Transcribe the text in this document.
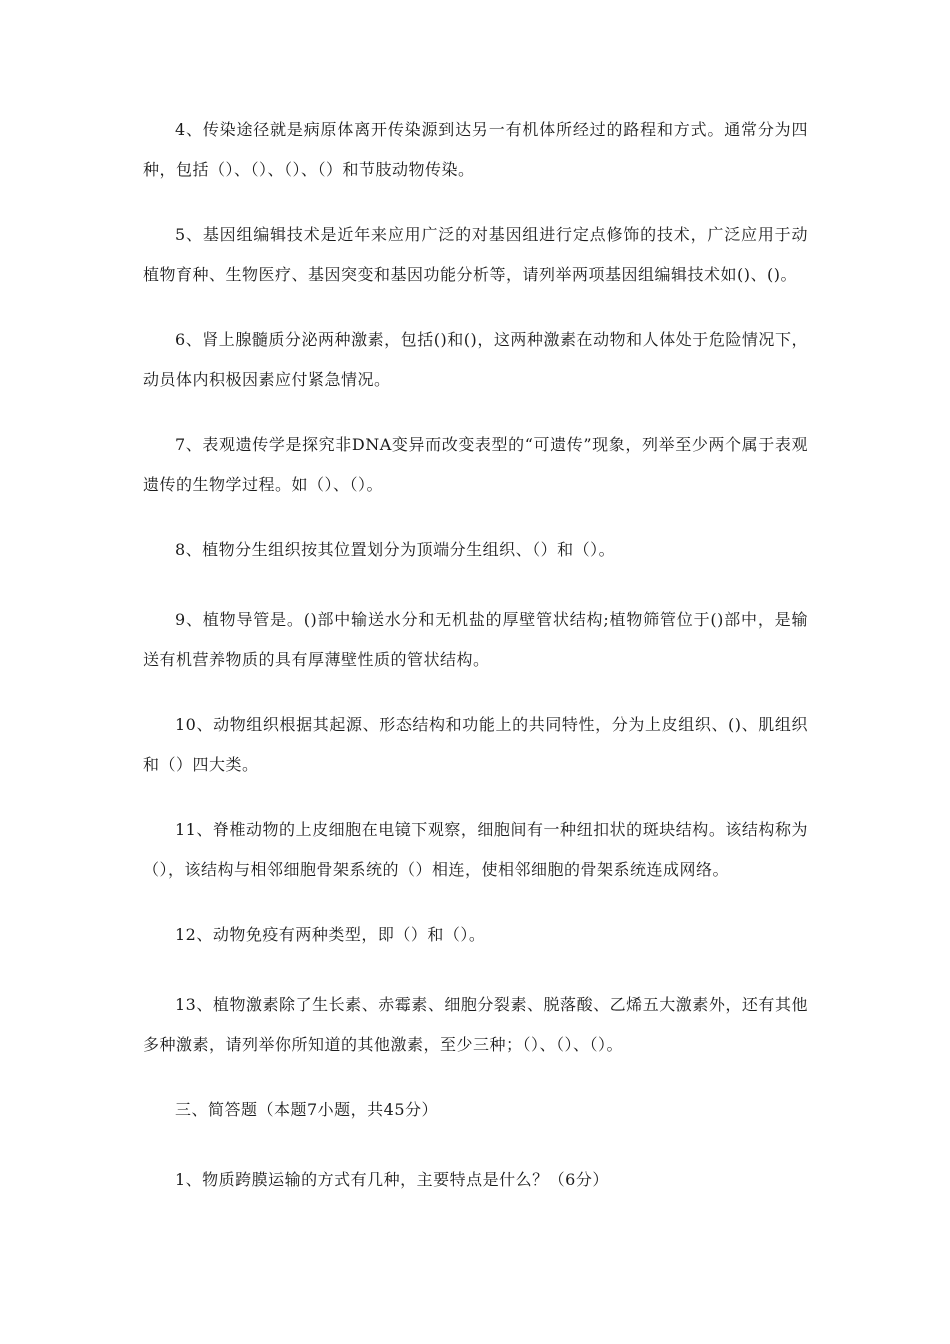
4、传染途径就是病原体离开传染源到达另一有机体所经过的路程和方式。通常分为四种，包括（）、（）、（）、（）和节肢动物传染。

5、基因组编辑技术是近年来应用广泛的对基因组进行定点修饰的技术，广泛应用于动植物育种、生物医疗、基因突变和基因功能分析等，请列举两项基因组编辑技术如()、()。

6、肾上腺髓质分泌两种激素，包括()和()，这两种激素在动物和人体处于危险情况下，动员体内积极因素应付紧急情况。

7、表观遗传学是探究非DNA变异而改变表型的“可遗传”现象，列举至少两个属于表观遗传的生物学过程。如（）、（）。

8、植物分生组织按其位置划分为顶端分生组织、（）和（）。

9、植物导管是。()部中输送水分和无机盐的厚壁管状结构;植物筛管位于()部中，是输送有机营养物质的具有厚薄壁性质的管状结构。

10、动物组织根据其起源、形态结构和功能上的共同特性，分为上皮组织、()、肌组织和（）四大类。

11、脊椎动物的上皮细胞在电镜下观察，细胞间有一种纽扣状的斑块结构。该结构称为（），该结构与相邻细胞骨架系统的（）相连，使相邻细胞的骨架系统连成网络。

12、动物免疫有两种类型，即（）和（）。

13、植物激素除了生长素、赤霉素、细胞分裂素、脱落酸、乙烯五大激素外，还有其他多种激素，请列举你所知道的其他激素，至少三种；（）、（）、（）。

三、简答题（本题7小题，共45分）

1、物质跨膜运输的方式有几种，主要特点是什么？（6分）
